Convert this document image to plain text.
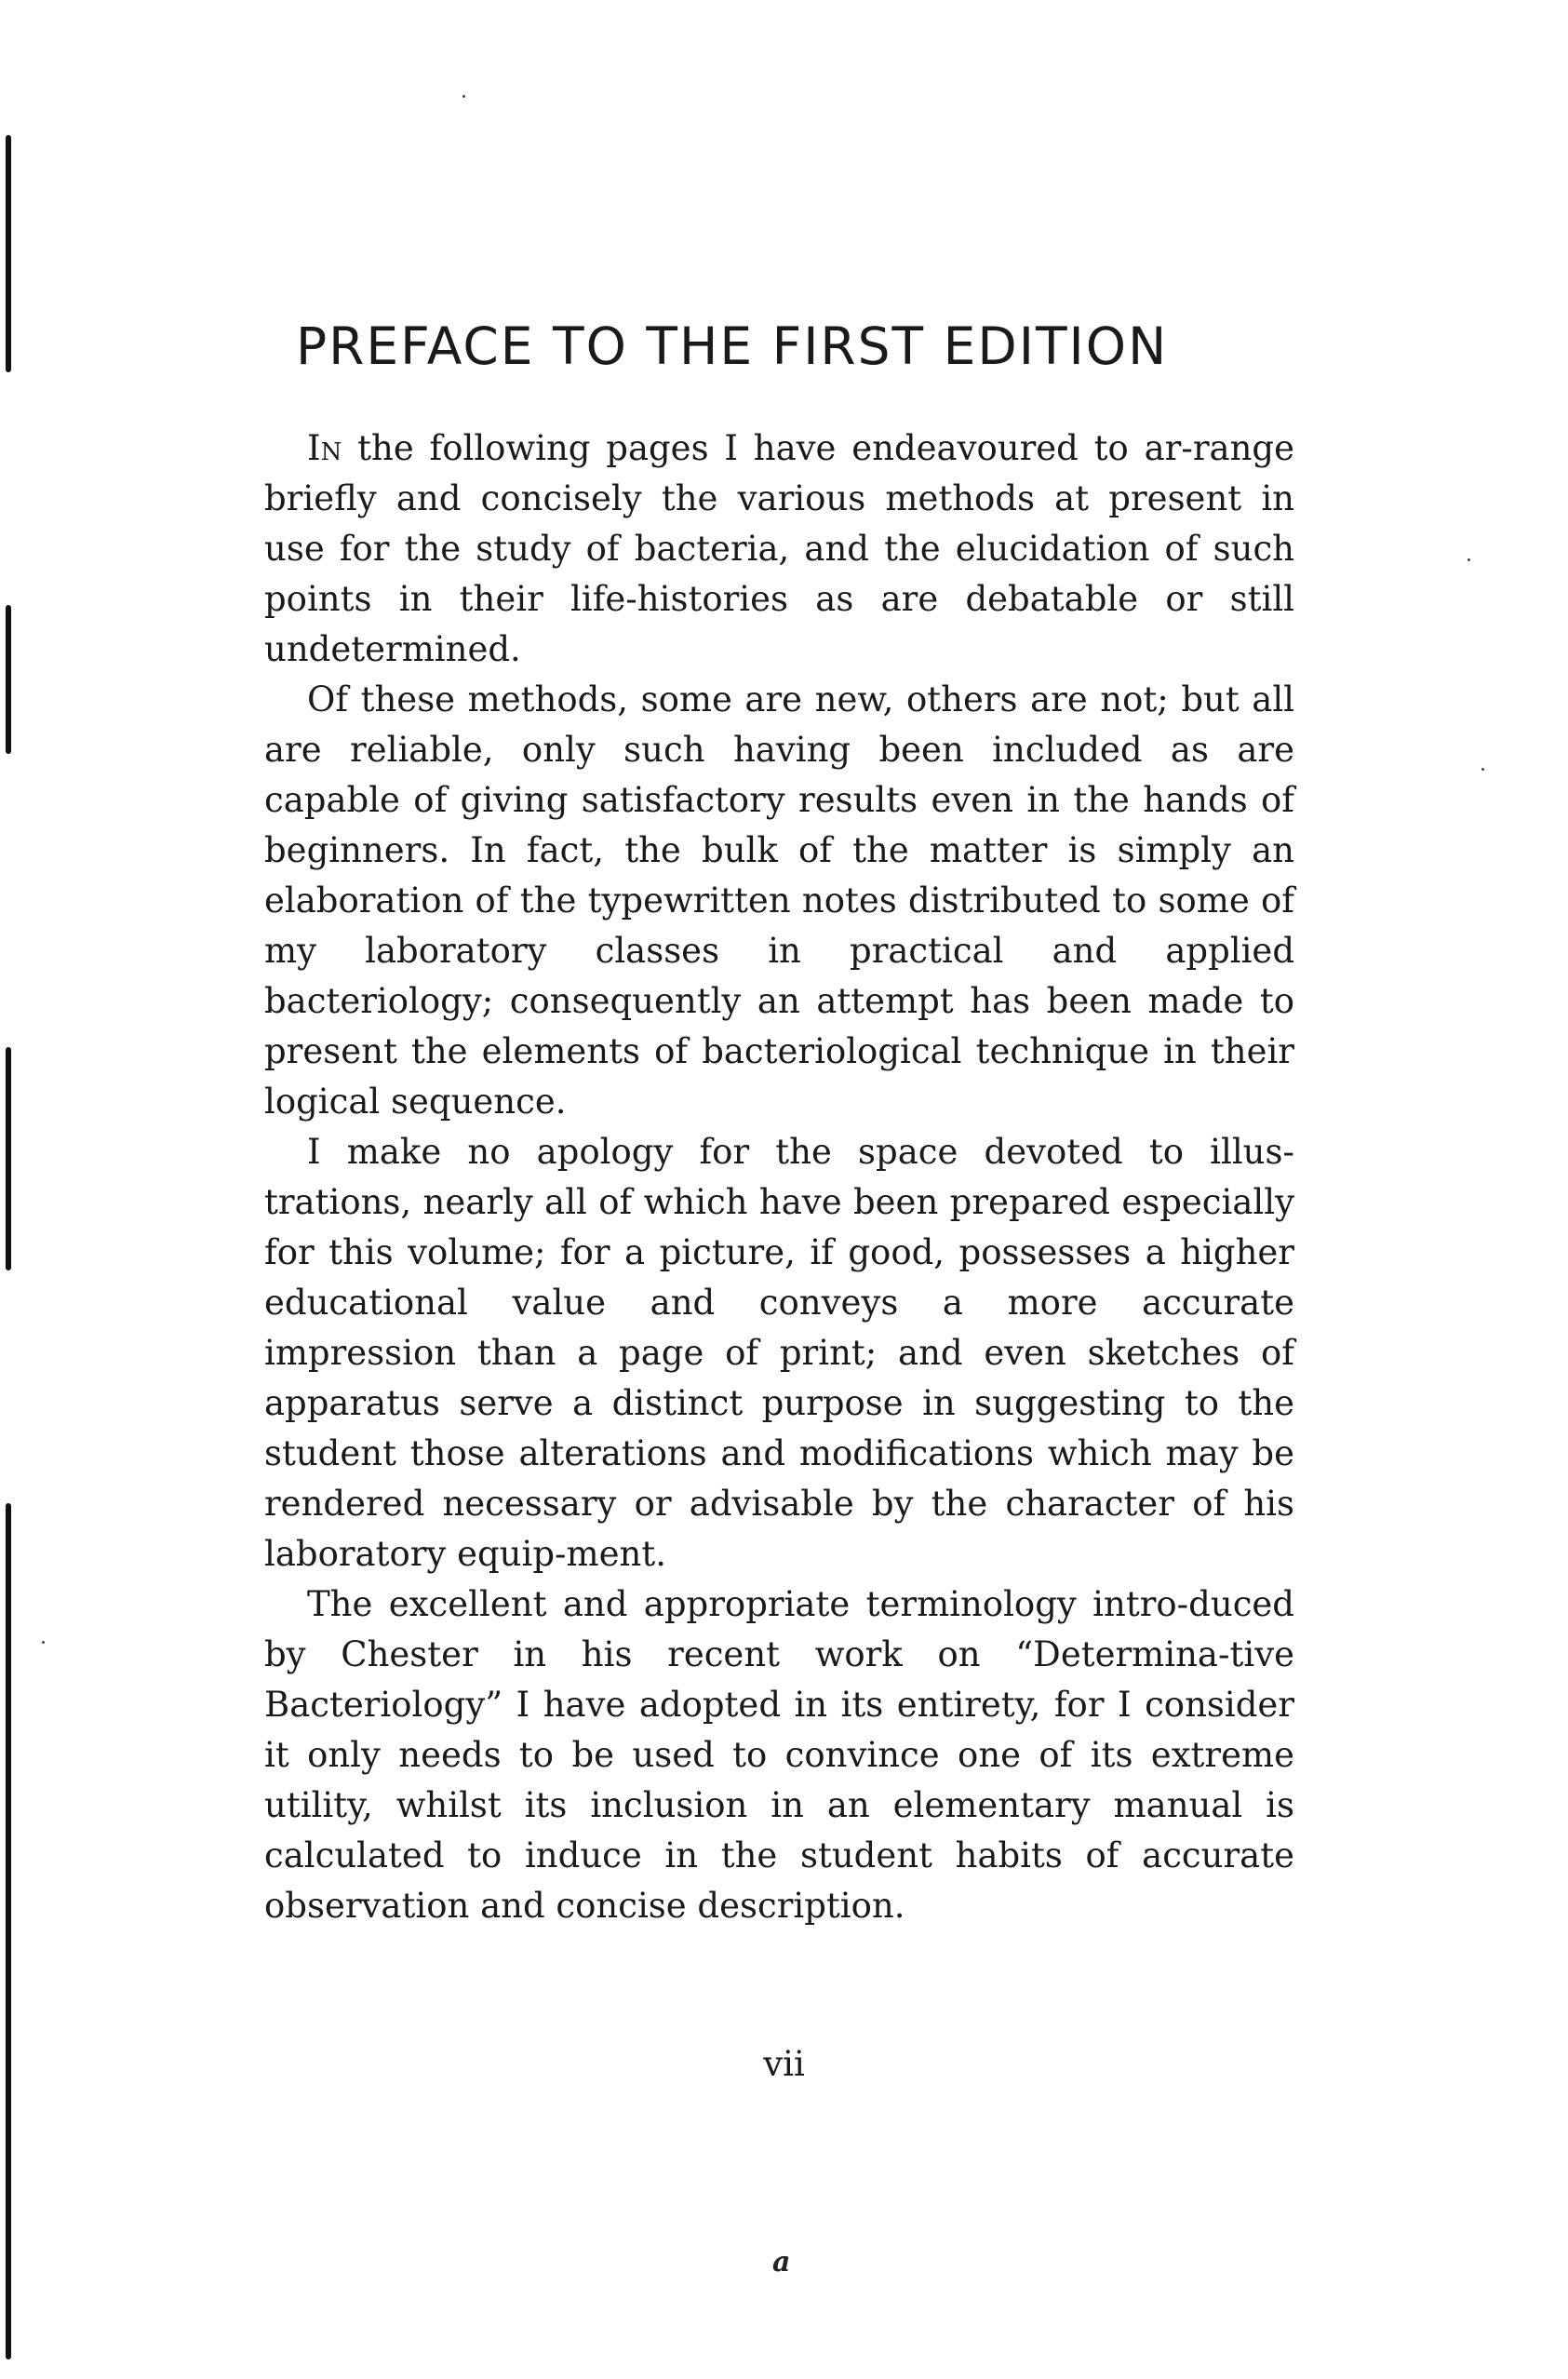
PREFACE TO THE FIRST EDITION

In the following pages I have endeavoured to ar-range briefly and concisely the various methods at present in use for the study of bacteria, and the elucidation of such points in their life-histories as are debatable or still undetermined.

Of these methods, some are new, others are not; but all are reliable, only such having been included as are capable of giving satisfactory results even in the hands of beginners. In fact, the bulk of the matter is simply an elaboration of the typewritten notes distributed to some of my laboratory classes in practical and applied bacteriology; consequently an attempt has been made to present the elements of bacteriological technique in their logical sequence.

I make no apology for the space devoted to illus-trations, nearly all of which have been prepared especially for this volume; for a picture, if good, possesses a higher educational value and conveys a more accurate impression than a page of print; and even sketches of apparatus serve a distinct purpose in suggesting to the student those alterations and modifications which may be rendered necessary or advisable by the character of his laboratory equip-ment.

The excellent and appropriate terminology intro-duced by Chester in his recent work on “Determina-tive Bacteriology” I have adopted in its entirety, for I consider it only needs to be used to convince one of its extreme utility, whilst its inclusion in an elementary manual is calculated to induce in the student habits of accurate observation and concise description.

vii
a
